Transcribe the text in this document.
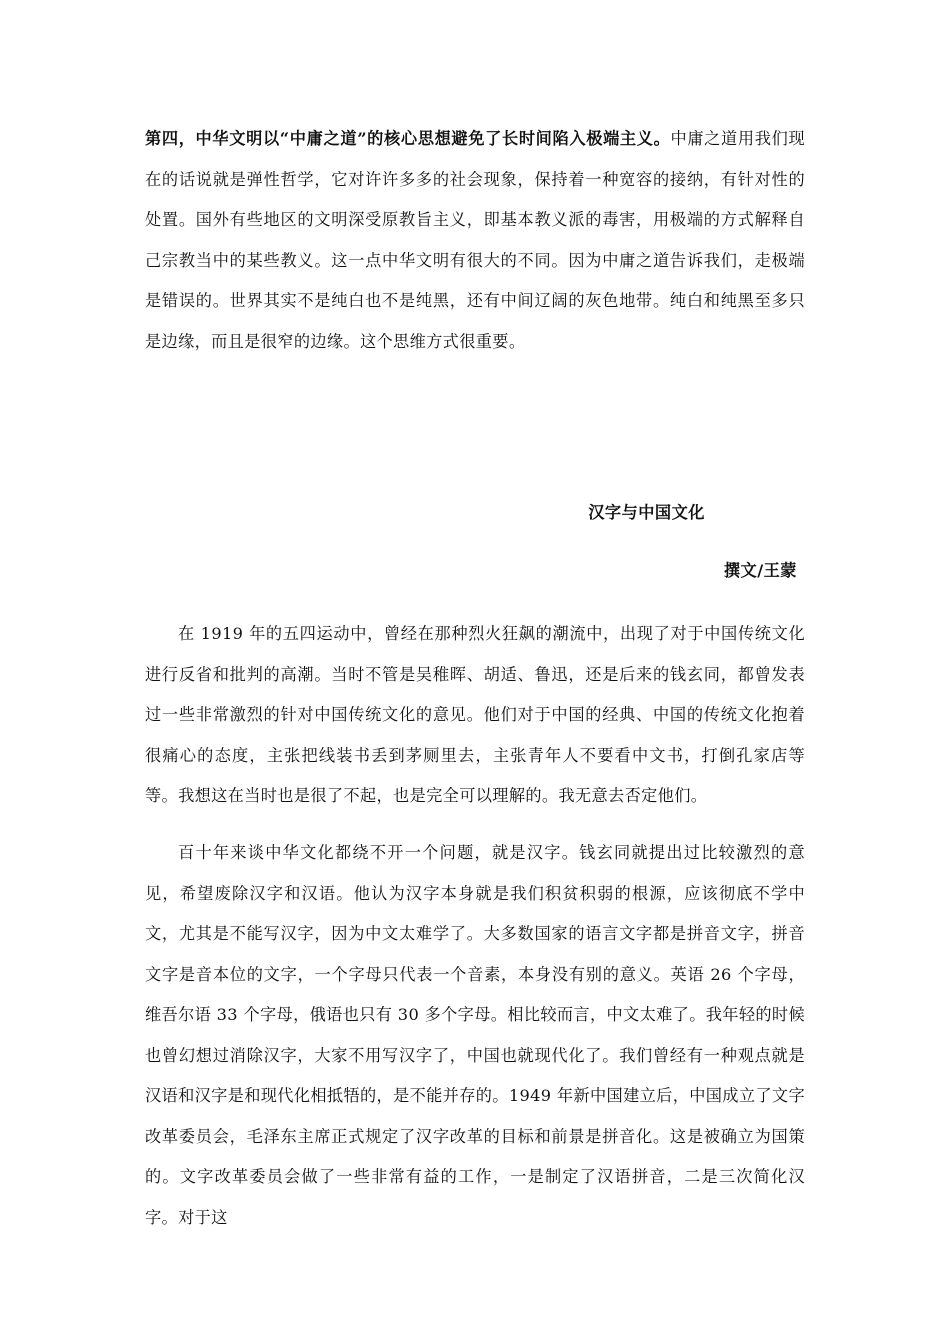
第四，中华文明以“中庸之道”的核心思想避免了长时间陷入极端主义。中庸之道用我们现在的话说就是弹性哲学，它对许许多多的社会现象，保持着一种宽容的接纳，有针对性的处置。国外有些地区的文明深受原教旨主义，即基本教义派的毒害，用极端的方式解释自己宗教当中的某些教义。这一点中华文明有很大的不同。因为中庸之道告诉我们，走极端是错误的。世界其实不是纯白也不是纯黑，还有中间辽阔的灰色地带。纯白和纯黑至多只是边缘，而且是很窄的边缘。这个思维方式很重要。

汉字与中国文化
撰文/王蒙

在 1919 年的五四运动中，曾经在那种烈火狂飙的潮流中，出现了对于中国传统文化进行反省和批判的高潮。当时不管是吴稚晖、胡适、鲁迅，还是后来的钱玄同，都曾发表过一些非常激烈的针对中国传统文化的意见。他们对于中国的经典、中国的传统文化抱着很痛心的态度，主张把线装书丢到茅厕里去，主张青年人不要看中文书，打倒孔家店等等。我想这在当时也是很了不起，也是完全可以理解的。我无意去否定他们。

百十年来谈中华文化都绕不开一个问题，就是汉字。钱玄同就提出过比较激烈的意见，希望废除汉字和汉语。他认为汉字本身就是我们积贫积弱的根源，应该彻底不学中文，尤其是不能写汉字，因为中文太难学了。大多数国家的语言文字都是拼音文字，拼音文字是音本位的文字，一个字母只代表一个音素，本身没有别的意义。英语 26 个字母，维吾尔语 33 个字母，俄语也只有 30 多个字母。相比较而言，中文太难了。我年轻的时候也曾幻想过消除汉字，大家不用写汉字了，中国也就现代化了。我们曾经有一种观点就是汉语和汉字是和现代化相抵牾的，是不能并存的。1949 年新中国建立后，中国成立了文字改革委员会，毛泽东主席正式规定了汉字改革的目标和前景是拼音化。这是被确立为国策的。文字改革委员会做了一些非常有益的工作，一是制定了汉语拼音，二是三次简化汉字。对于这
